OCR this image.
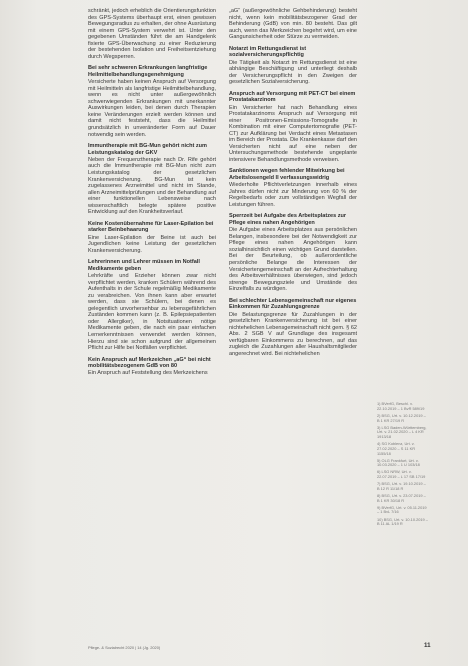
schränkt, jedoch erheblich die Orientierungsfunktion des GPS-Systems überhaupt erst, einen gewissen Bewegungsradius zu erhalten, der ohne Ausrüstung mit einem GPS-System verwehrt ist. Unter den gegebenen Umständen führt die am Handgelenk fixierte GPS-Überwachung zu einer Reduzierung der bestehenden Isolation und Freiheitsentziehung durch Wegsperren.

Bei sehr schweren Erkrankungen langfristige Heilmittelbehandlungsgenehmigung

Versicherte haben keinen Anspruch auf Versorgung mit Heilmitteln als langfristige Heilmittelbehandlung, wenn es nicht unter außergewöhnlich schwerwiegenden Erkrankungen mit unerkannter Auswirkungen leiden, bei denen durch Therapien keine Veränderungen erzielt werden können und damit nicht feststeht, dass die Heilmittel grundsätzlich in unveränderter Form auf Dauer notwendig sein werden.

Immuntherapie mit BG-Mun gehört nicht zum Leistungskatalog der GKV

Neben der Frequenztherapie nach Dr. Rife gehört auch die Immuntherapie mit BG-Mun nicht zum Leistungskatalog der gesetzlichen Krankenversicherung. BG-Mun ist kein zugelassenes Arzneimittel und nicht im Stande, allen Arzneimittelprüfungen und der Behandlung auf einer funktionellen Lebensweise nach wissenschaftlich belegte spätere positive Entwicklung auf den Krankheitsverlauf.

Keine Kostenübernahme für Laser-Epilation bei starker Beinbehaarung

Eine Laser-Epilation der Beine ist auch bei Jugendlichen keine Leistung der gesetzlichen Krankenversicherung.

Lehrerinnen und Lehrer müssen im Notfall Medikamente geben

Lehrkräfte und Erzieher können zwar nicht verpflichtet werden, kranken Schülern während des Aufenthalts in der Schule regelmäßig Medikamente zu verabreichen. Von ihnen kann aber erwartet werden, dass sie Schülern, bei denen es gelegentlich unvorhersehbar zu lebensgefährlichen Zuständen kommen kann (z. B. Epilepsiepatienten oder Allergiker), in Notsituationen nötige Medikamente geben, die nach ein paar einfachen Lernerkenntnissen verwendet werden können, Hierzu sind sie schon aufgrund der allgemeinen Pflicht zur Hilfe bei Notfällen verpflichtet.

Kein Anspruch auf Merkzeichen „aG“ bei nicht mobilitätsbezogenem GdB von 80

Ein Anspruch auf Feststellung des Merkzeichens

„aG“ (außergewöhnliche Gehbehinderung) besteht nicht, wenn kein mobilitätsbezogener Grad der Behinderung (GdB) von min. 80 besteht. Das gilt auch, wenn das Merkzeichen begehrt wird, um eine Gangunsicherheit oder Stürze zu vermeiden.

Notarzt im Rettungsdienst ist sozialversicherungspflichtig

Die Tätigkeit als Notarzt im Rettungsdienst ist eine abhängige Beschäftigung und unterliegt deshalb der Versicherungspflicht in den Zweigen der gesetzlichen Sozialversicherung.

Anspruch auf Versorgung mit PET-CT bei einem Prostatakarzinom

Ein Versicherter hat nach Behandlung eines Prostatakarzinoms Anspruch auf Versorgung mit einer Positronen-Emissions-Tomografie in Kombination mit einer Computertomografie (PET-CT) zur Aufklärung bei Verdacht eines Metastasen im Bereich der Prostata. Die Krankenkasse darf den Versicherten nicht auf eine neben der Untersuchungsmethode bestehende ungeplante intensivere Behandlungsmethode verweisen.

Sanktionen wegen fehlender Mitwirkung bei Arbeitslosengeld II verfassungswidrig

Wiederholte Pflichtverletzungen innerhalb eines Jahres dürfen nicht zur Minderung von 60 % der Regelbedarfs oder zum vollständigen Wegfall der Leistungen führen.

Sperrzeit bei Aufgabe des Arbeitsplatzes zur Pflege eines nahen Angehörigen

Die Aufgabe eines Arbeitsplatzes aus persönlichen Belangen, insbesondere bei der Notwendigkeit zur Pflege eines nahen Angehörigen kann sozialhinsichtlich einen wichtigen Grund darstellen. Bei der Beurteilung, ob außerordentliche persönliche Belange die Interessen der Versichertengemeinschaft an der Aufrechterhaltung des Arbeitsverhältnisses überwiegen, sind jedoch strenge Bewegungsziele und Umstände des Einzelfalls zu würdigen.

Bei schlechter Lebensgemeinschaft nur eigenes Einkommen für Zuzahlungsgrenze

Die Belastungsgrenze für Zuzahlungen in der gesetzlichen Krankenversicherung ist bei einer nichtehelichen Lebensgemeinschaft nicht gem. § 62 Abs. 2 SGB V auf Grundlage des insgesamt verfügbaren Einkommens zu berechnen, auf das zugleich die Zuzahlungen aller Haushaltsmitglieder angerechnet wird. Bei nichtehelichen

1) BVerfG, Beschl. v. 22.10.2019 – 1 BvR 589/19
2) BSG, Urt. v. 10.12.2019 – B 1 KR 27/19 R
3) LSG Baden-Württemberg, Urt. v. 21.02.2020 – L 4 KR 1913/18
4) SG Koblenz, Urt. v. 27.02.2020 – S 11 KR 1155/18
5) OLG Frankfurt, Urt. v. 10.03.2020 – 1 U 103/18
6) LSG NRW, Urt. v. 22.07.2019 – L 17 SB 17/19
7) BSG, Urt. v. 19.10.2019 – B 12 R 11/18 R
8) BSG, Urt. v. 23.07.2019 – B 1 KR 30/18 R
9) BVerfG, Urt. v. 05.11.2019 – 1 BvL 7/16
10) BSG, Urt. v. 10.10.2019 – B 11 AL 1/19 R
Pflege- & Sozialrecht 2020 | 14 (Jg. 2020)	11
